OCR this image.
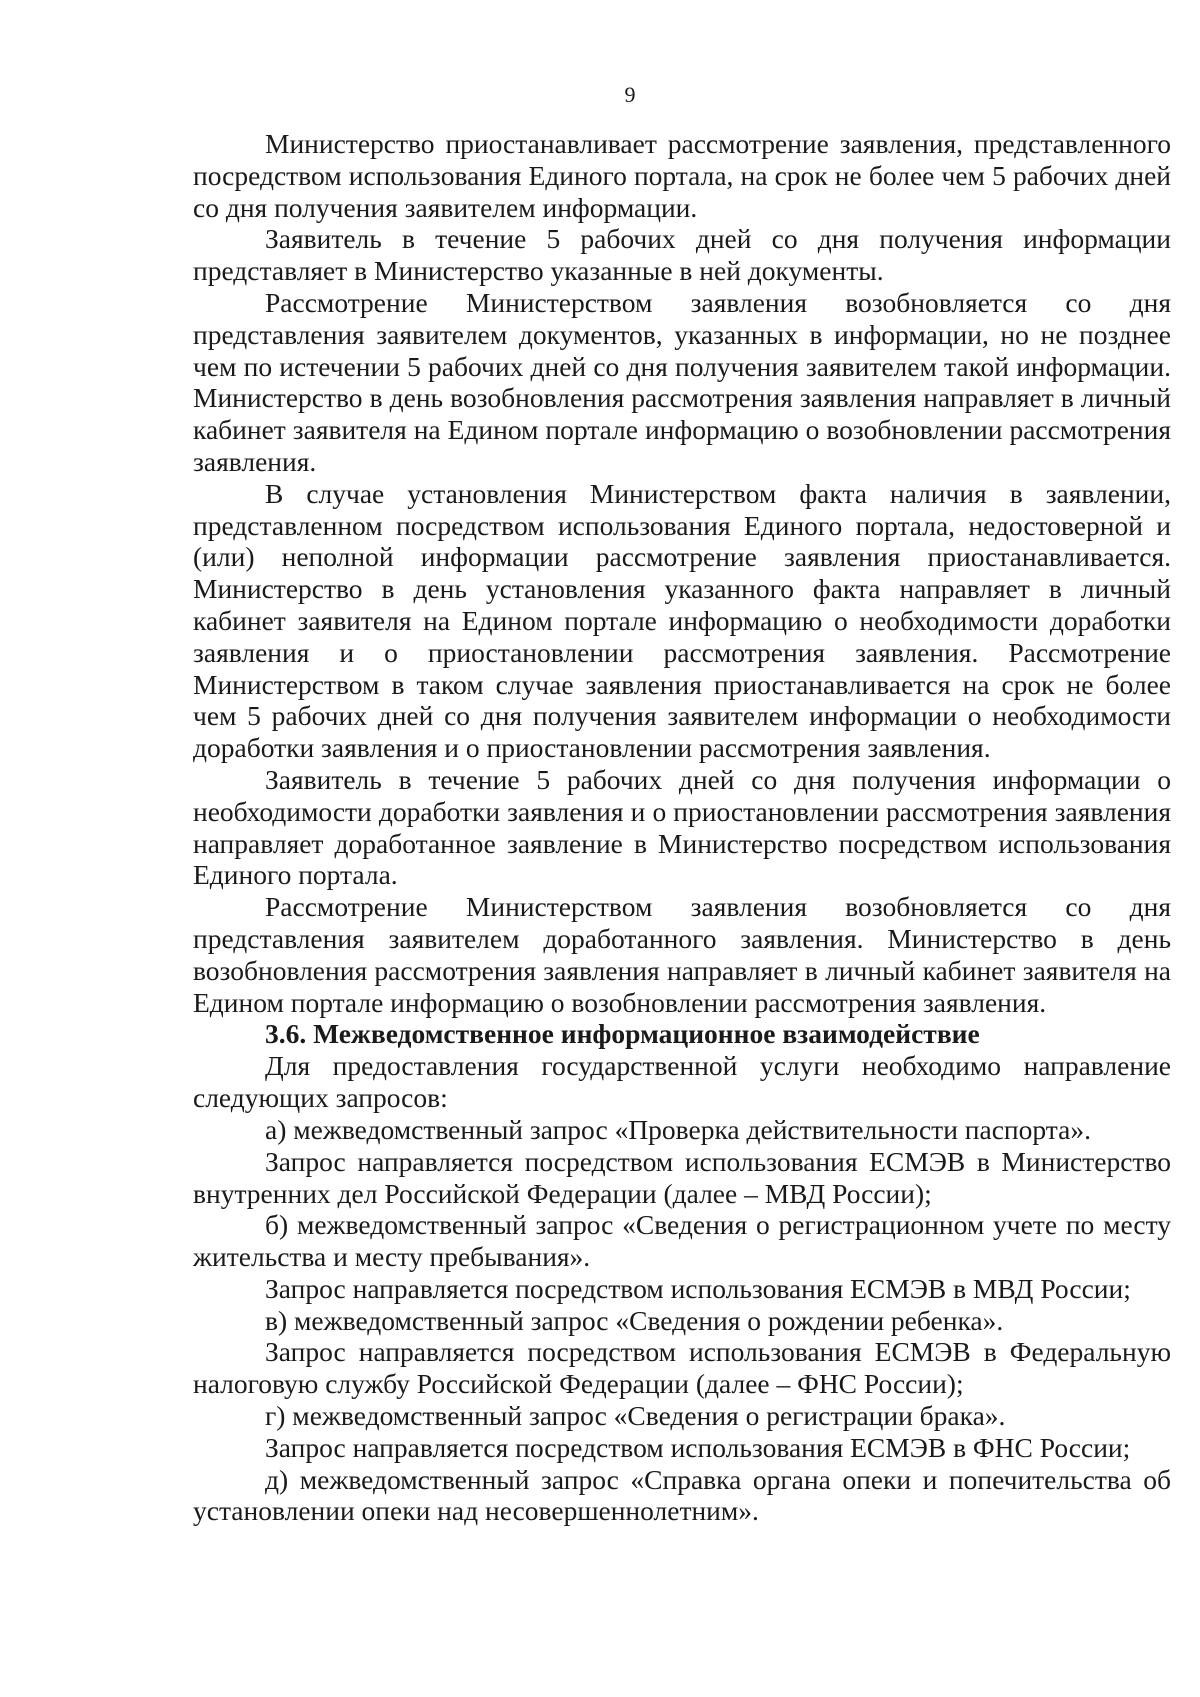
9

Министерство приостанавливает рассмотрение заявления, представленного посредством использования Единого портала, на срок не более чем 5 рабочих дней со дня получения заявителем информации.

Заявитель в течение 5 рабочих дней со дня получения информации представляет в Министерство указанные в ней документы.

Рассмотрение Министерством заявления возобновляется со дня представления заявителем документов, указанных в информации, но не позднее чем по истечении 5 рабочих дней со дня получения заявителем такой информации. Министерство в день возобновления рассмотрения заявления направляет в личный кабинет заявителя на Едином портале информацию о возобновлении рассмотрения заявления.

В случае установления Министерством факта наличия в заявлении, представленном посредством использования Единого портала, недостоверной и (или) неполной информации рассмотрение заявления приостанавливается. Министерство в день установления указанного факта направляет в личный кабинет заявителя на Едином портале информацию о необходимости доработки заявления и о приостановлении рассмотрения заявления. Рассмотрение Министерством в таком случае заявления приостанавливается на срок не более чем 5 рабочих дней со дня получения заявителем информации о необходимости доработки заявления и о приостановлении рассмотрения заявления.

Заявитель в течение 5 рабочих дней со дня получения информации о необходимости доработки заявления и о приостановлении рассмотрения заявления направляет доработанное заявление в Министерство посредством использования Единого портала.

Рассмотрение Министерством заявления возобновляется со дня представления заявителем доработанного заявления. Министерство в день возобновления рассмотрения заявления направляет в личный кабинет заявителя на Едином портале информацию о возобновлении рассмотрения заявления.

3.6. Межведомственное информационное взаимодействие

Для предоставления государственной услуги необходимо направление следующих запросов:

а) межведомственный запрос «Проверка действительности паспорта».

Запрос направляется посредством использования ЕСМЭВ в Министерство внутренних дел Российской Федерации (далее – МВД России);

б) межведомственный запрос «Сведения о регистрационном учете по месту жительства и месту пребывания».

Запрос направляется посредством использования ЕСМЭВ в МВД России;

в) межведомственный запрос «Сведения о рождении ребенка».

Запрос направляется посредством использования ЕСМЭВ в Федеральную налоговую службу Российской Федерации (далее – ФНС России);

г) межведомственный запрос «Сведения о регистрации брака».

Запрос направляется посредством использования ЕСМЭВ в ФНС России;

д) межведомственный запрос «Справка органа опеки и попечительства об установлении опеки над несовершеннолетним».
